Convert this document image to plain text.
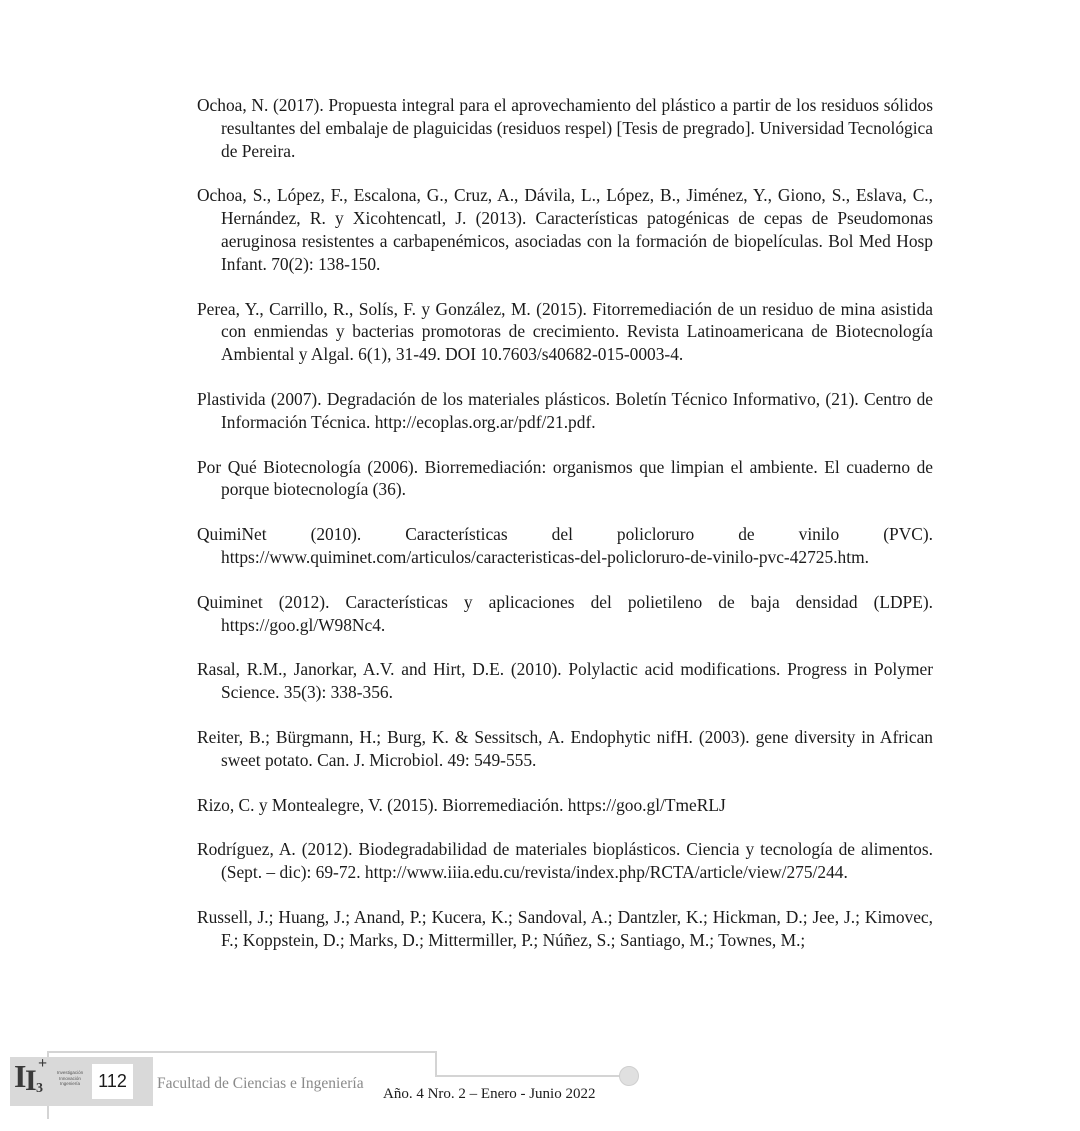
Ochoa, N. (2017). Propuesta integral para el aprovechamiento del plástico a partir de los residuos sólidos resultantes del embalaje de plaguicidas (residuos respel) [Tesis de pregrado]. Universidad Tecnológica de Pereira.

Ochoa, S., López, F., Escalona, G., Cruz, A., Dávila, L., López, B., Jiménez, Y., Giono, S., Eslava, C., Hernández, R. y Xicohtencatl, J. (2013). Características patogénicas de cepas de Pseudomonas aeruginosa resistentes a carbapenémicos, asociadas con la formación de biopelículas. Bol Med Hosp Infant. 70(2): 138-150.

Perea, Y., Carrillo, R., Solís, F. y González, M. (2015). Fitorremediación de un residuo de mina asistida con enmiendas y bacterias promotoras de crecimiento. Revista Latinoamericana de Biotecnología Ambiental y Algal. 6(1), 31-49. DOI 10.7603/s40682-015-0003-4.

Plastivida (2007). Degradación de los materiales plásticos. Boletín Técnico Informativo, (21). Centro de Información Técnica. http://ecoplas.org.ar/pdf/21.pdf.

Por Qué Biotecnología (2006). Biorremediación: organismos que limpian el ambiente. El cuaderno de porque biotecnología (36).

QuimiNet (2010). Características del policloruro de vinilo (PVC). https://www.quiminet.com/articulos/caracteristicas-del-policloruro-de-vinilo-pvc-42725.htm.

Quiminet (2012). Características y aplicaciones del polietileno de baja densidad (LDPE). https://goo.gl/W98Nc4.

Rasal, R.M., Janorkar, A.V. and Hirt, D.E. (2010). Polylactic acid modifications. Progress in Polymer Science. 35(3): 338-356.

Reiter, B.; Bürgmann, H.; Burg, K. & Sessitsch, A. Endophytic nifH. (2003). gene diversity in African sweet potato. Can. J. Microbiol. 49: 549-555.

Rizo, C. y Montealegre, V. (2015). Biorremediación. https://goo.gl/TmeRLJ

Rodríguez, A. (2012). Biodegradabilidad de materiales bioplásticos. Ciencia y tecnología de alimentos. (Sept. – dic): 69-72. http://www.iiia.edu.cu/revista/index.php/RCTA/article/view/275/244.

Russell, J.; Huang, J.; Anand, P.; Kucera, K.; Sandoval, A.; Dantzler, K.; Hickman, D.; Jee, J.; Kimovec, F.; Koppstein, D.; Marks, D.; Mittermiller, P.; Núñez, S.; Santiago, M.; Townes, M.;

I
I
+
3
Investigación Innovación Ingeniería	112	Facultad de Ciencias e Ingeniería
Año. 4 Nro. 2 – Enero - Junio 2022
